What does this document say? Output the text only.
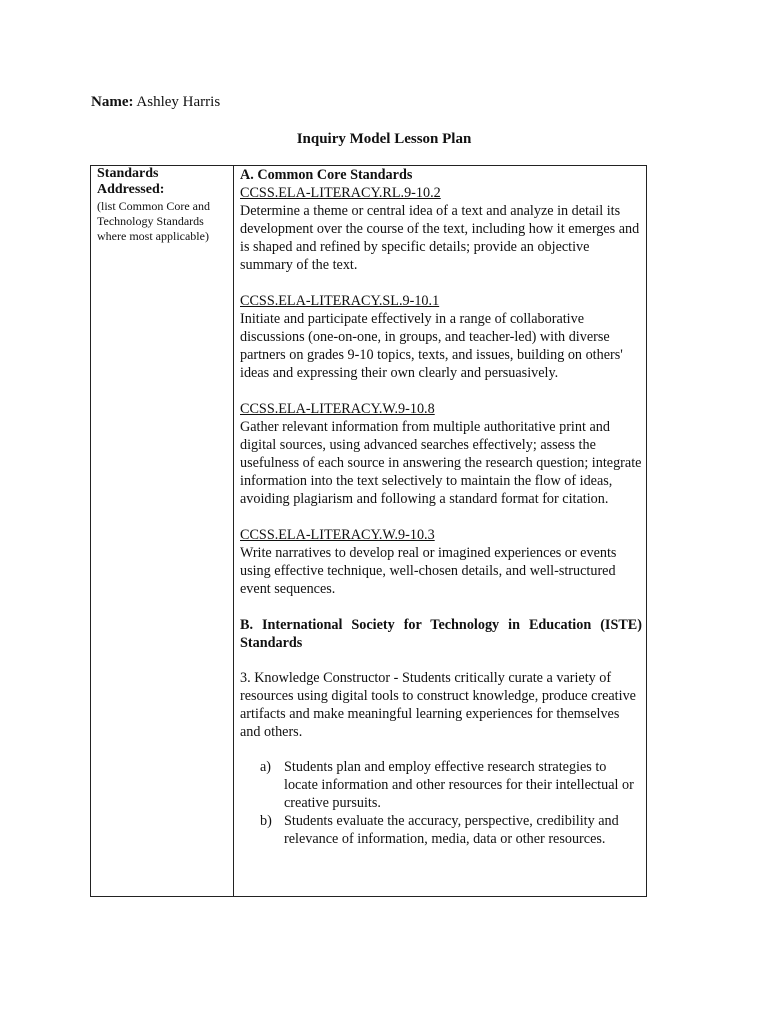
Name: Ashley Harris
Inquiry Model Lesson Plan

Standards

Addressed:

(list Common Core and Technology Standards where most applicable)

A. Common Core Standards

CCSS.ELA-LITERACY.RL.9-10.2

Determine a theme or central idea of a text and analyze in detail its development over the course of the text, including how it emerges and is shaped and refined by specific details; provide an objective summary of the text.

CCSS.ELA-LITERACY.SL.9-10.1

Initiate and participate effectively in a range of collaborative discussions (one-on-one, in groups, and teacher-led) with diverse partners on grades 9-10 topics, texts, and issues, building on others' ideas and expressing their own clearly and persuasively.

CCSS.ELA-LITERACY.W.9-10.8

Gather relevant information from multiple authoritative print and digital sources, using advanced searches effectively; assess the usefulness of each source in answering the research question; integrate information into the text selectively to maintain the flow of ideas, avoiding plagiarism and following a standard format for citation.

CCSS.ELA-LITERACY.W.9-10.3

Write narratives to develop real or imagined experiences or events using effective technique, well-chosen details, and well-structured event sequences.

B. International Society for Technology in Education (ISTE) Standards

3. Knowledge Constructor - Students critically curate a variety of resources using digital tools to construct knowledge, produce creative artifacts and make meaningful learning experiences for themselves and others.

a) Students plan and employ effective research strategies to locate information and other resources for their intellectual or creative pursuits.
b) Students evaluate the accuracy, perspective, credibility and relevance of information, media, data or other resources.
